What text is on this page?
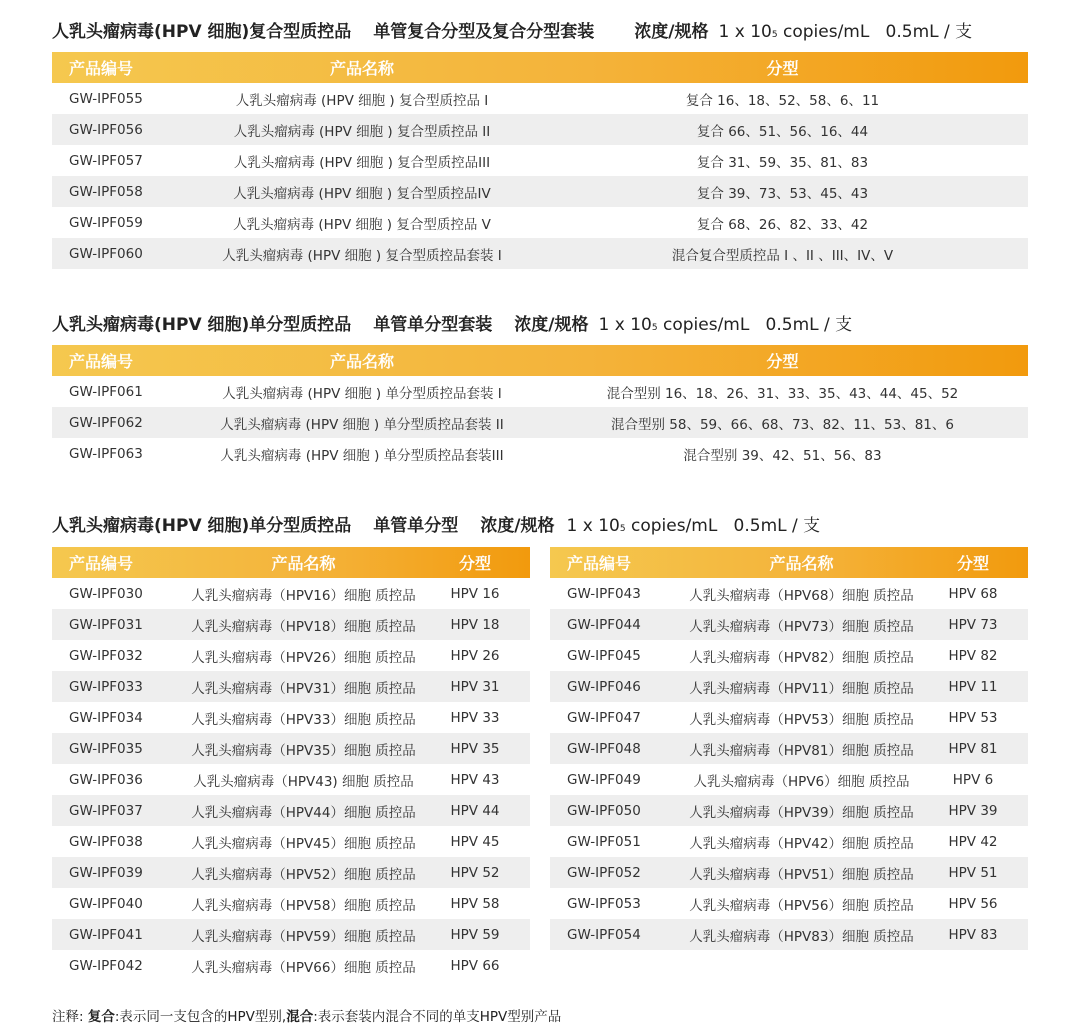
人乳头瘤病毒(HPV 细胞)复合型质控品 单管复合分型及复合分型套装 浓度/规格 1 x 10 5 copies/mL   0.5mL / 支
产品编号	产品名称	分型
GW-IPF055	人乳头瘤病毒 (HPV 细胞 ) 复合型质控品 I	复合 16、18、52、58、6、11
GW-IPF056	人乳头瘤病毒 (HPV 细胞 ) 复合型质控品 II	复合 66、51、56、16、44
GW-IPF057	人乳头瘤病毒 (HPV 细胞 ) 复合型质控品III	复合 31、59、35、81、83
GW-IPF058	人乳头瘤病毒 (HPV 细胞 ) 复合型质控品IV	复合 39、73、53、45、43
GW-IPF059	人乳头瘤病毒 (HPV 细胞 ) 复合型质控品 V	复合 68、26、82、33、42
GW-IPF060	人乳头瘤病毒 (HPV 细胞 ) 复合型质控品套装 I	混合复合型质控品 I 、II 、III、IV、V
人乳头瘤病毒(HPV 细胞)单分型质控品 单管单分型套装 浓度/规格 1 x 10 5 copies/mL   0.5mL / 支
产品编号	产品名称	分型
GW-IPF061	人乳头瘤病毒 (HPV 细胞 ) 单分型质控品套装 I	混合型别 16、18、26、31、33、35、43、44、45、52
GW-IPF062	人乳头瘤病毒 (HPV 细胞 ) 单分型质控品套装 II	混合型别 58、59、66、68、73、82、11、53、81、6
GW-IPF063	人乳头瘤病毒 (HPV 细胞 ) 单分型质控品套装III	混合型别 39、42、51、56、83
人乳头瘤病毒(HPV 细胞)单分型质控品 单管单分型 浓度/规格 1 x 10 5 copies/mL   0.5mL / 支
产品编号	产品名称	分型
GW-IPF030	人乳头瘤病毒（HPV16）细胞 质控品	HPV 16
GW-IPF031	人乳头瘤病毒（HPV18）细胞 质控品	HPV 18
GW-IPF032	人乳头瘤病毒（HPV26）细胞 质控品	HPV 26
GW-IPF033	人乳头瘤病毒（HPV31）细胞 质控品	HPV 31
GW-IPF034	人乳头瘤病毒（HPV33）细胞 质控品	HPV 33
GW-IPF035	人乳头瘤病毒（HPV35）细胞 质控品	HPV 35
GW-IPF036	人乳头瘤病毒（HPV43) 细胞 质控品	HPV 43
GW-IPF037	人乳头瘤病毒（HPV44）细胞 质控品	HPV 44
GW-IPF038	人乳头瘤病毒（HPV45）细胞 质控品	HPV 45
GW-IPF039	人乳头瘤病毒（HPV52）细胞 质控品	HPV 52
GW-IPF040	人乳头瘤病毒（HPV58）细胞 质控品	HPV 58
GW-IPF041	人乳头瘤病毒（HPV59）细胞 质控品	HPV 59
GW-IPF042	人乳头瘤病毒（HPV66）细胞 质控品	HPV 66
产品编号	产品名称	分型
GW-IPF043	人乳头瘤病毒（HPV68）细胞 质控品	HPV 68
GW-IPF044	人乳头瘤病毒（HPV73）细胞 质控品	HPV 73
GW-IPF045	人乳头瘤病毒（HPV82）细胞 质控品	HPV 82
GW-IPF046	人乳头瘤病毒（HPV11）细胞 质控品	HPV 11
GW-IPF047	人乳头瘤病毒（HPV53）细胞 质控品	HPV 53
GW-IPF048	人乳头瘤病毒（HPV81）细胞 质控品	HPV 81
GW-IPF049	人乳头瘤病毒（HPV6）细胞 质控品	HPV 6
GW-IPF050	人乳头瘤病毒（HPV39）细胞 质控品	HPV 39
GW-IPF051	人乳头瘤病毒（HPV42）细胞 质控品	HPV 42
GW-IPF052	人乳头瘤病毒（HPV51）细胞 质控品	HPV 51
GW-IPF053	人乳头瘤病毒（HPV56）细胞 质控品	HPV 56
GW-IPF054	人乳头瘤病毒（HPV83）细胞 质控品	HPV 83

注释: 复合:表示同一支包含的HPV型别,混合:表示套装内混合不同的单支HPV型别产品
